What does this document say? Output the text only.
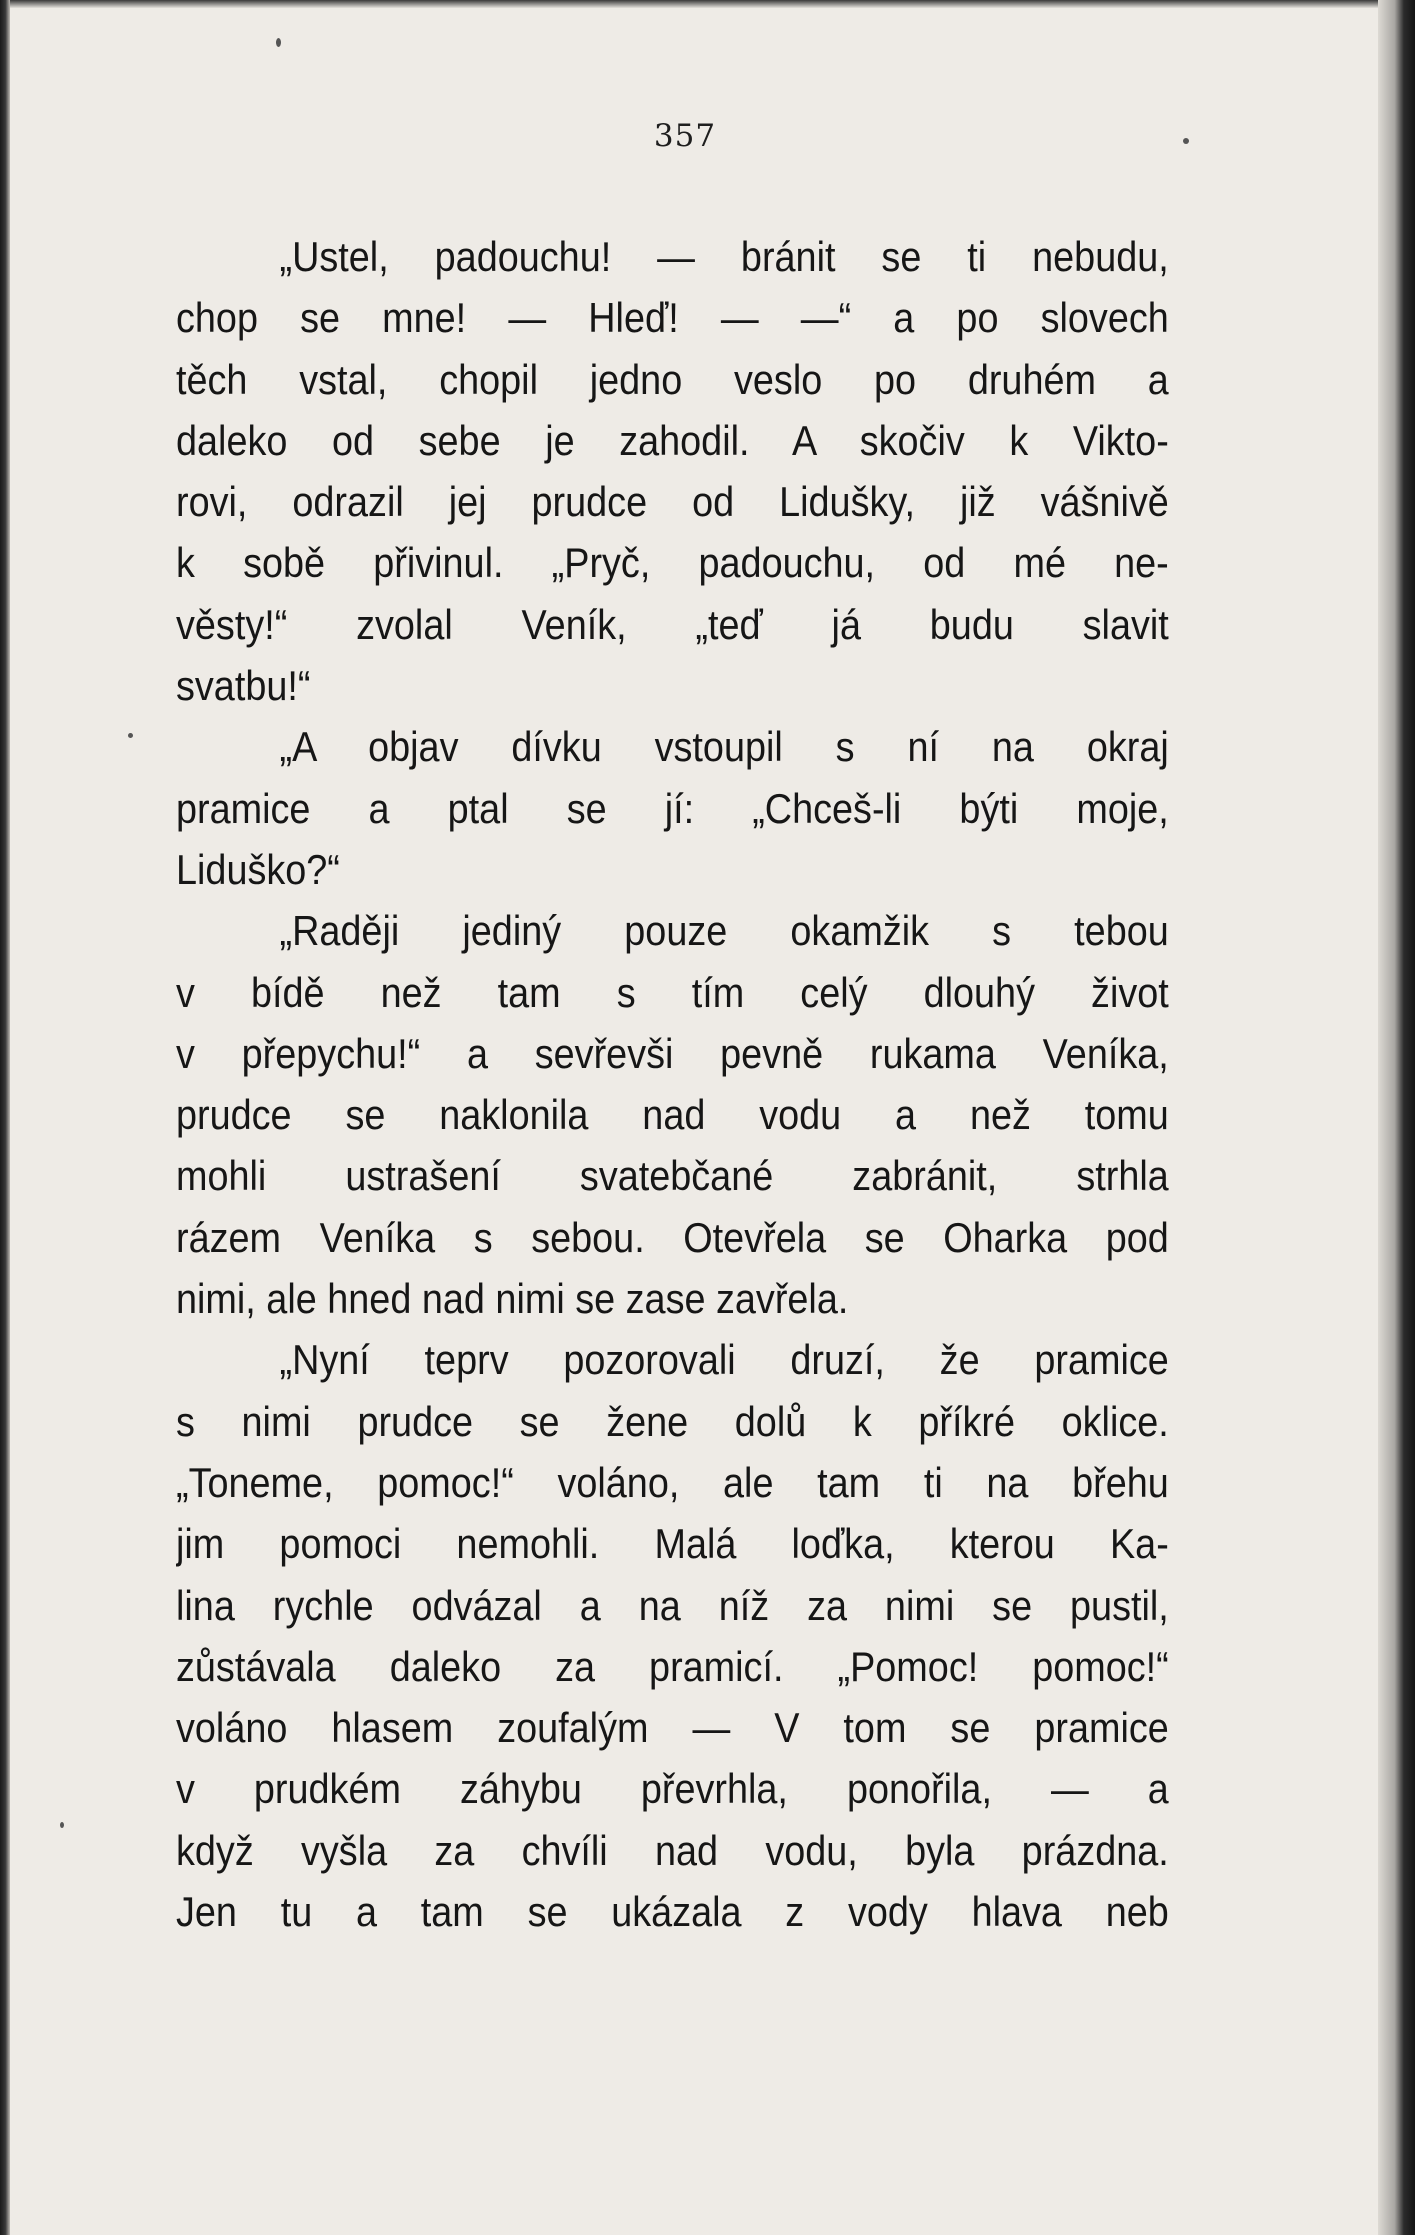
357
„Ustel, padouchu! — bránit se ti nebudu,
chop se mne! — Hleď! — —“ a po slovech
těch vstal, chopil jedno veslo po druhém a
daleko od sebe je zahodil. A skočiv k Vikto-
rovi, odrazil jej prudce od Lidušky, již vášnivě
k sobě přivinul. „Pryč, padouchu, od mé ne-
věsty!“ zvolal Veník, „teď já budu slavit
svatbu!“
„A objav dívku vstoupil s ní na okraj
pramice a ptal se jí: „Chceš-li býti moje,
Liduško?“
„Raději jediný pouze okamžik s tebou
v bídě než tam s tím celý dlouhý život
v přepychu!“ a sevřevši pevně rukama Veníka,
prudce se naklonila nad vodu a než tomu
mohli ustrašení svatebčané zabránit, strhla
rázem Veníka s sebou. Otevřela se Oharka pod
nimi, ale hned nad nimi se zase zavřela.
„Nyní teprv pozorovali druzí, že pramice
s nimi prudce se žene dolů k příkré oklice.
„Toneme, pomoc!“ voláno, ale tam ti na břehu
jim pomoci nemohli. Malá loďka, kterou Ka-
lina rychle odvázal a na níž za nimi se pustil,
zůstávala daleko za pramicí. „Pomoc! pomoc!“
voláno hlasem zoufalým — V tom se pramice
v prudkém záhybu převrhla, ponořila, — a
když vyšla za chvíli nad vodu, byla prázdna.
Jen tu a tam se ukázala z vody hlava neb
